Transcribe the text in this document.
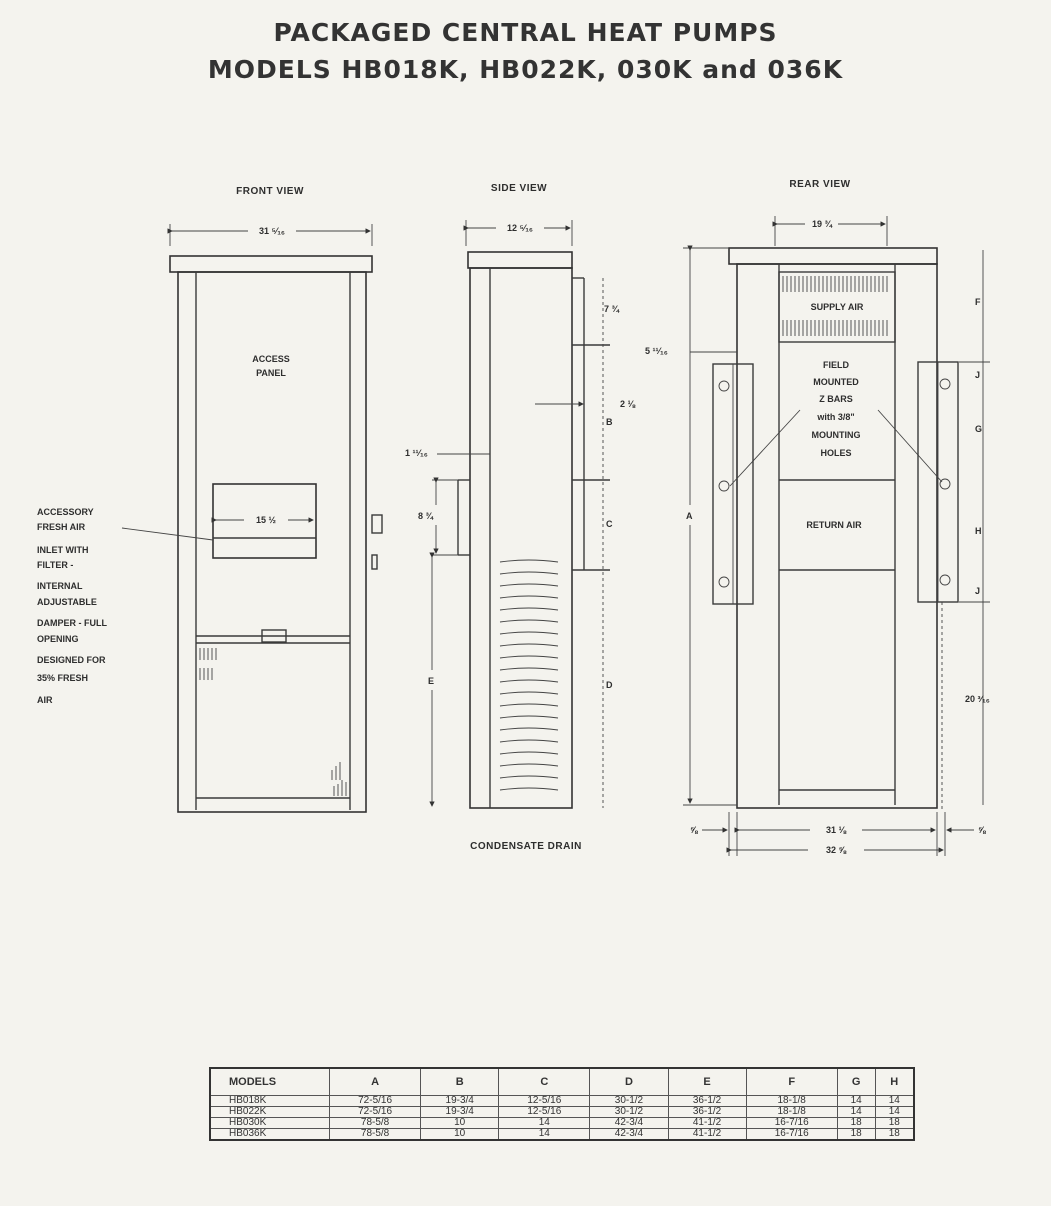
PACKAGED CENTRAL HEAT PUMPS
MODELS HB018K, HB022K, 030K and 036K
FRONT VIEW
31 ⁵⁄₁₆
ACCESS
PANEL
15 ½
ACCESSORY
FRESH AIR
INLET WITH
FILTER -
INTERNAL
ADJUSTABLE
DAMPER - FULL
OPENING
DESIGNED FOR
35% FRESH
AIR
SIDE VIEW
12 ⁵⁄₁₆
7 ¾
2 ⅛
B
C
D
1 ¹¹⁄₁₆
8 ¾
E
CONDENSATE DRAIN
REAR VIEW
19 ¾
SUPPLY AIR
FIELD
MOUNTED
Z BARS
with 3/8"
MOUNTING
HOLES
RETURN AIR
A
5 ¹¹⁄₁₆
F
J
G
H
J
20 ³⁄₁₆
31 ⅛
32 ⅝
⅝	⅝
MODELS	A	B	C	D	E	F	G	H
HB018K	72-5/16	19-3/4	12-5/16	30-1/2	36-1/2	18-1/8	14	14
HB022K	72-5/16	19-3/4	12-5/16	30-1/2	36-1/2	18-1/8	14	14
HB030K	78-5/8	10	14	42-3/4	41-1/2	16-7/16	18	18
HB036K	78-5/8	10	14	42-3/4	41-1/2	16-7/16	18	18
